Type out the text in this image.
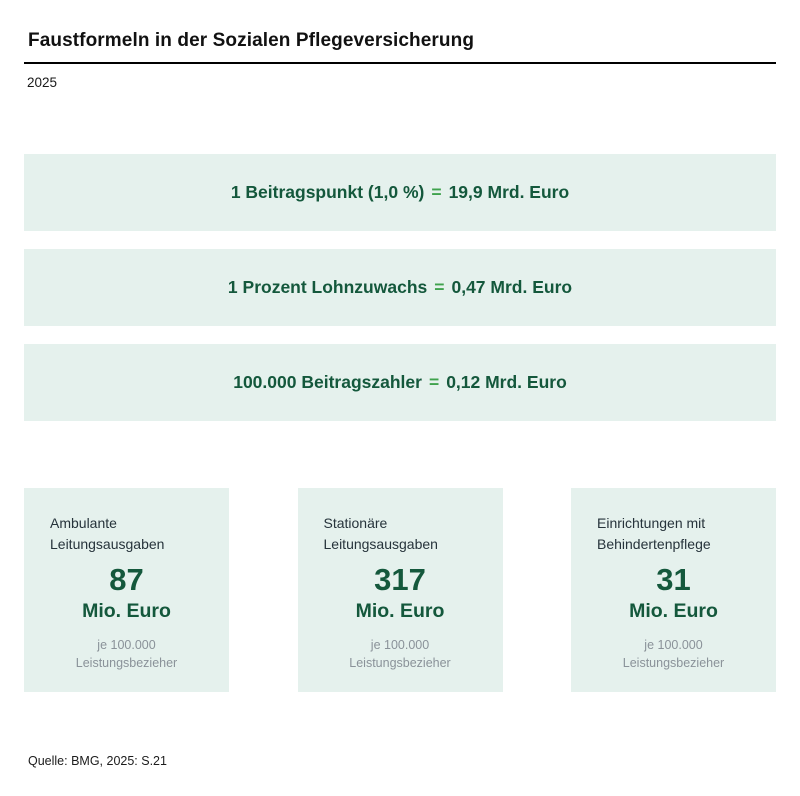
Faustformeln in der Sozialen Pflegeversicherung
2025
1 Beitragspunkt (1,0 %) = 19,9 Mrd. Euro
1 Prozent Lohnzuwachs = 0,47 Mrd. Euro
100.000 Beitragszahler = 0,12 Mrd. Euro
Ambulante
Leitungsausgaben
87
Mio. Euro
je 100.000
Leistungsbezieher
Stationäre
Leitungsausgaben
317
Mio. Euro
je 100.000
Leistungsbezieher
Einrichtungen mit
Behindertenpflege
31
Mio. Euro
je 100.000
Leistungsbezieher
Quelle: BMG, 2025: S.21
